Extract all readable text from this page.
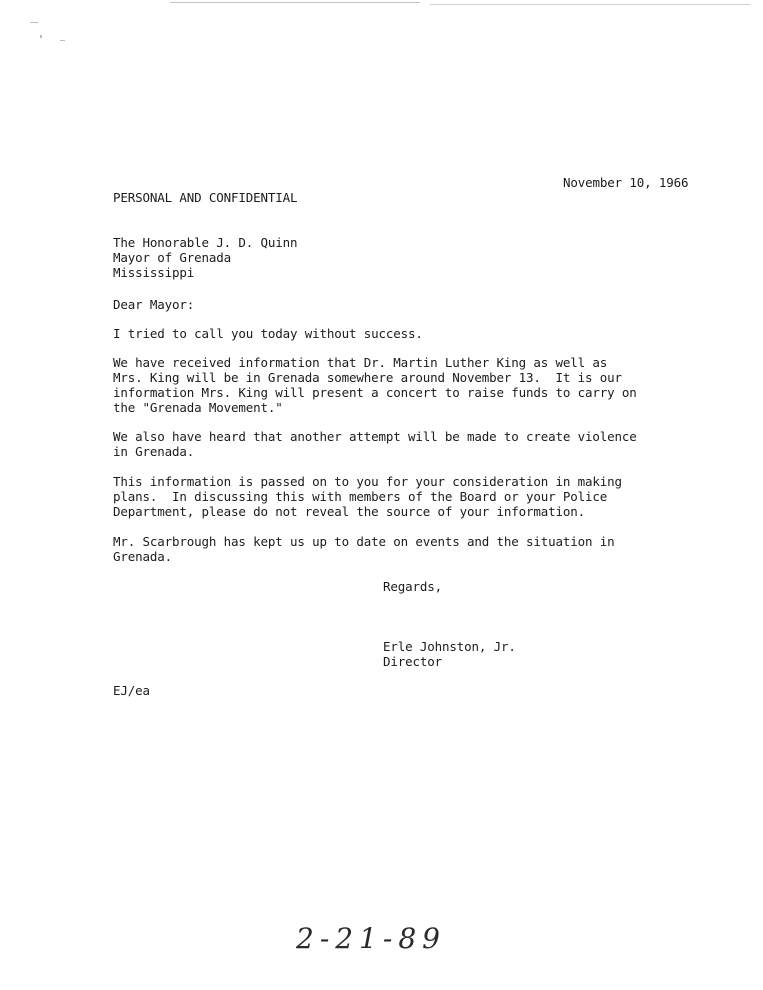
November 10, 1966
PERSONAL AND CONFIDENTIAL
The Honorable J. D. Quinn
Mayor of Grenada
Mississippi
Dear Mayor:
I tried to call you today without success.
We have received information that Dr. Martin Luther King as well as
Mrs. King will be in Grenada somewhere around November 13.  It is our
information Mrs. King will present a concert to raise funds to carry on
the "Grenada Movement."
We also have heard that another attempt will be made to create violence
in Grenada.
This information is passed on to you for your consideration in making
plans.  In discussing this with members of the Board or your Police
Department, please do not reveal the source of your information.
Mr. Scarbrough has kept us up to date on events and the situation in
Grenada.
Regards,
Erle Johnston, Jr.
Director
EJ/ea
2-21-89
